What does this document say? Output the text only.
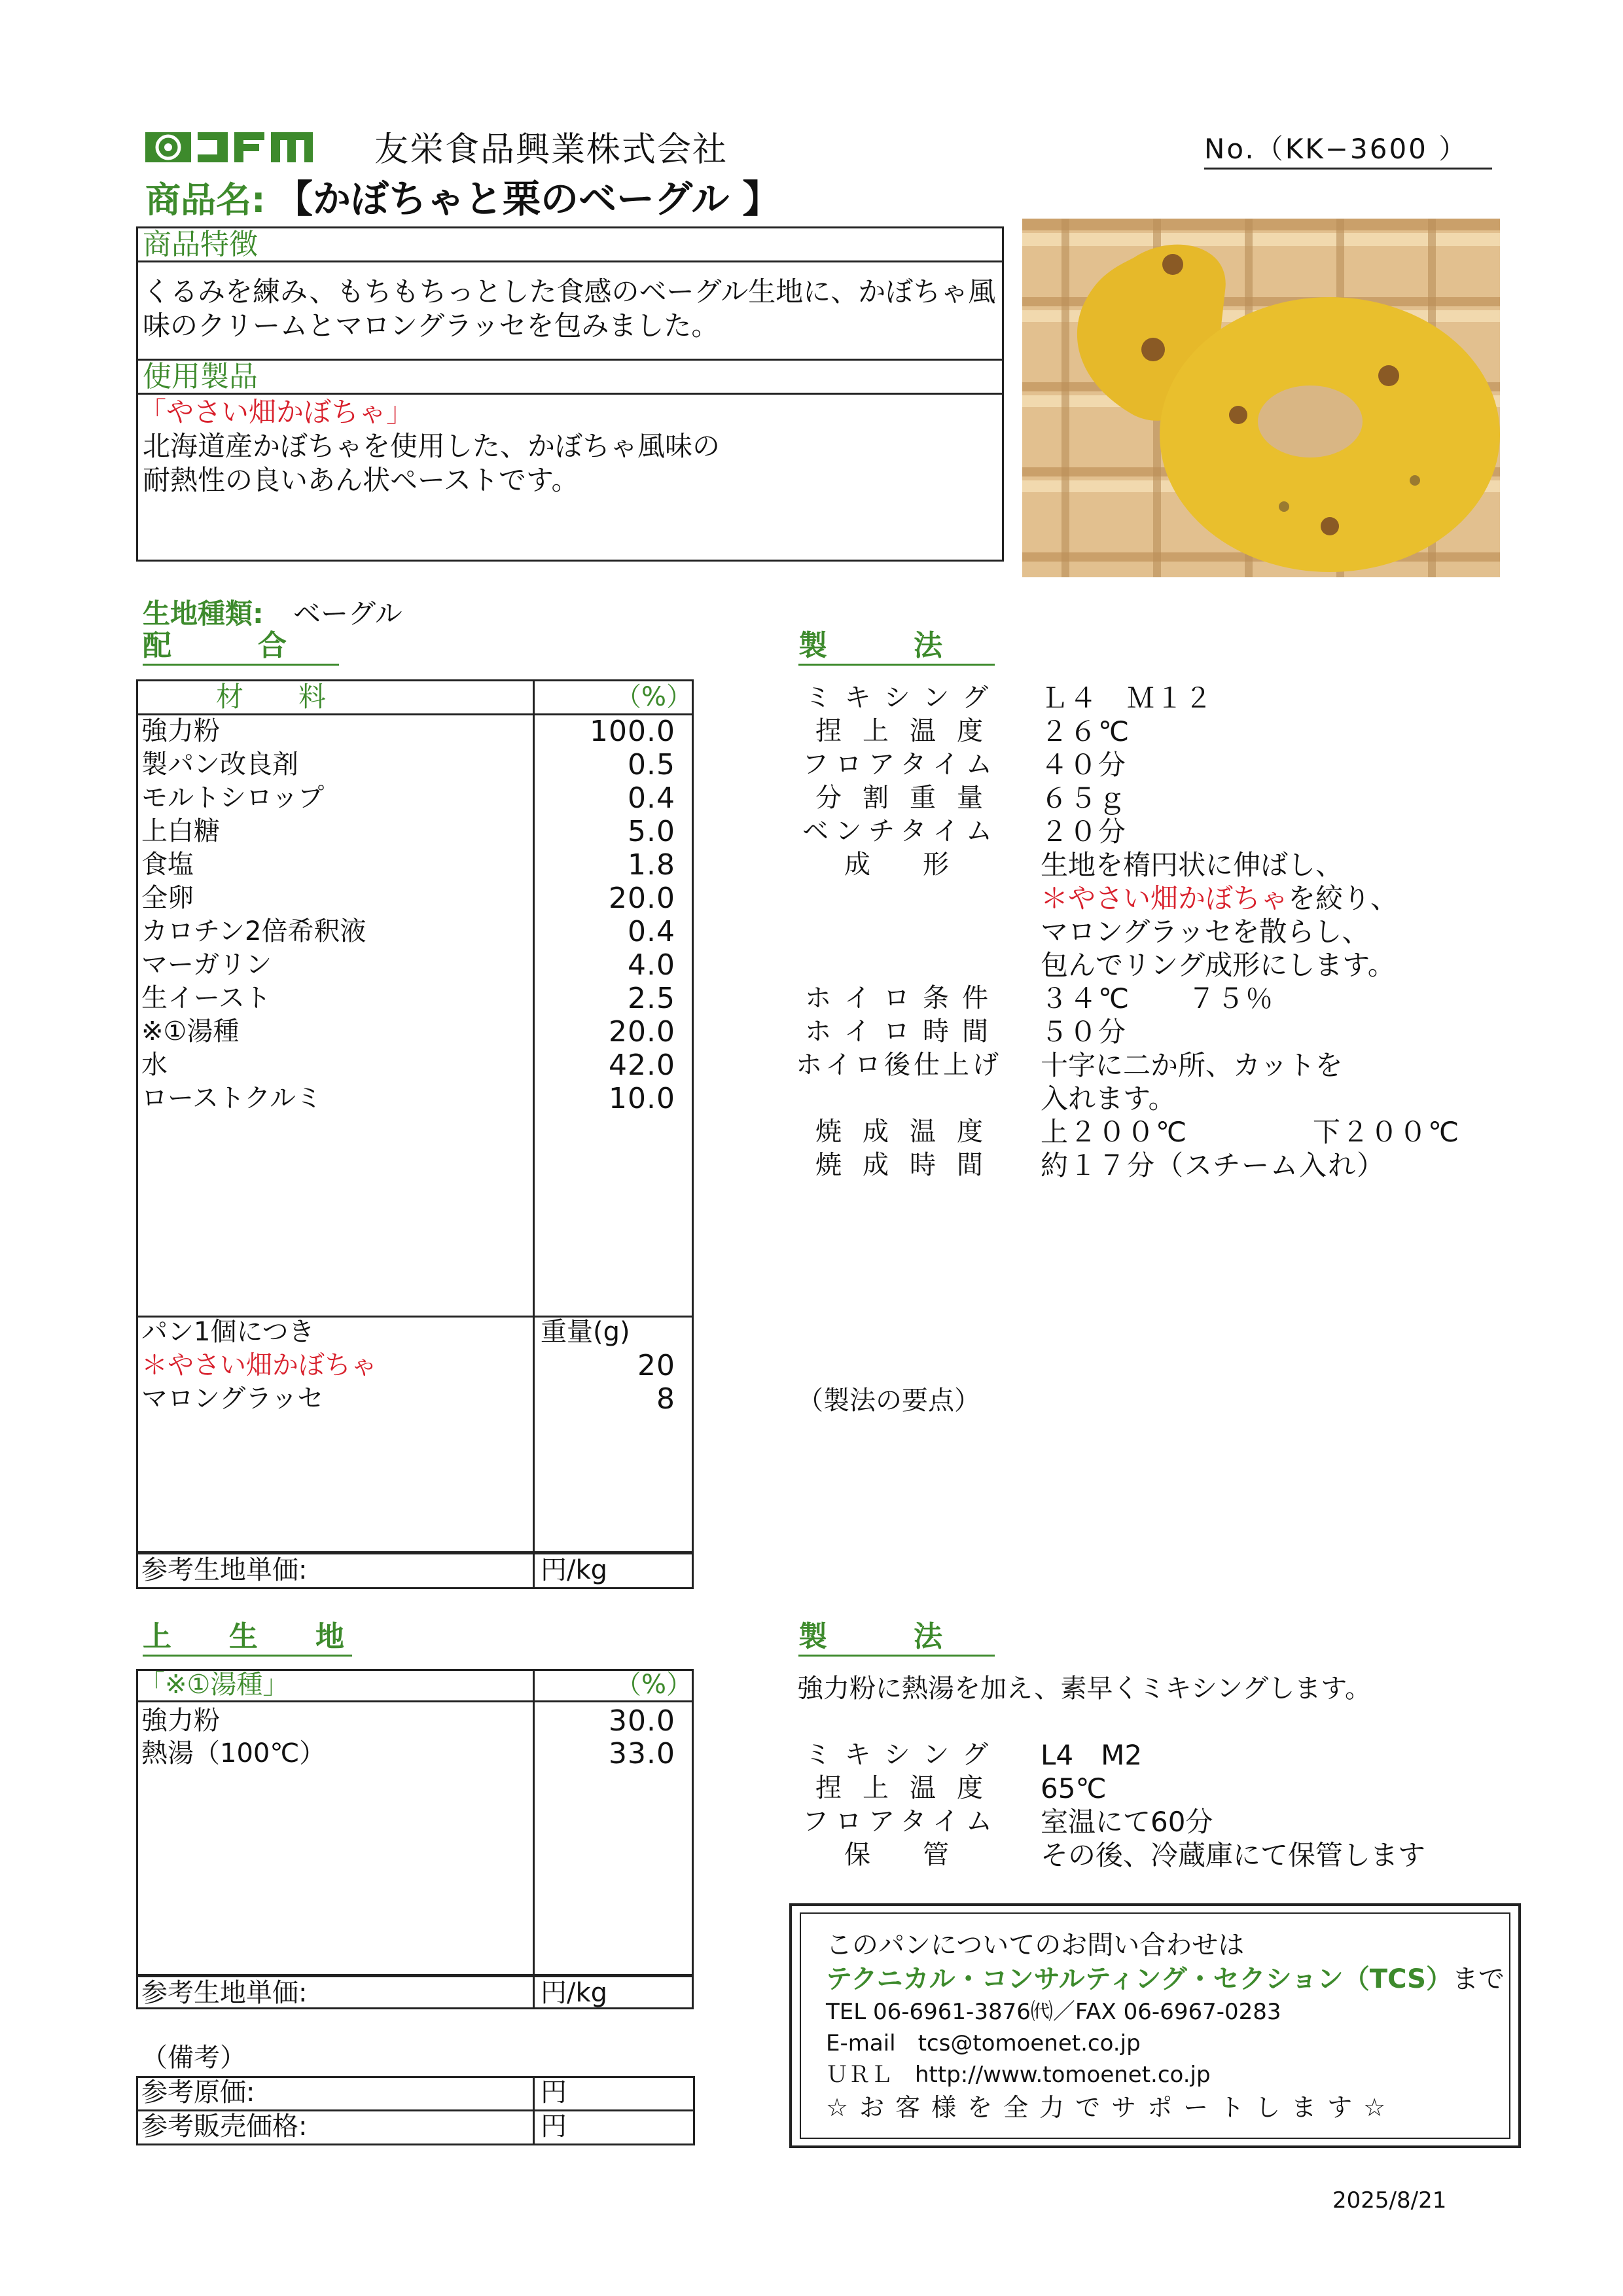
友栄食品興業株式会社	No.（KK−3600 ）
商品名: 【かぼちゃと栗のベーグル 】
商品特徴
くるみを練み、もちもちっとした食感のベーグル生地に、かぼちゃ風
味のクリームとマロングラッセを包みました。
使用製品
「やさい畑かぼちゃ」
北海道産かぼちゃを使用した、かぼちゃ風味の
耐熱性の良いあん状ペーストです。
生地種類: ベーグル
配　　　合
材　　料	（%）
強力粉	100.0
製パン改良剤	0.5
モルトシロップ	0.4
上白糖	5.0
食塩	1.8
全卵	20.0
カロチン2倍希釈液	0.4
マーガリン	4.0
生イースト	2.5
※①湯種	20.0
水	42.0
ローストクルミ	10.0
パン1個につき	重量(g)
＊やさい畑かぼちゃ	20
マロングラッセ	8
参考生地単価:	円/kg
製　　　法
ミキシング Ｌ４　Ｍ１２
捏上温度 ２６℃
フロアタイム ４０分
分割重量 ６５ｇ
ベンチタイム ２０分
成形	生地を楕円状に伸ばし、
＊やさい畑かぼちゃを絞り、
マロングラッセを散らし、
包んでリング成形にします。
ホイロ条件 ３４℃　　７５％
ホイロ時間 ５０分
ホイロ後仕上げ 十字に二か所、カットを
入れます。
焼成温度 上２００℃	下２００℃
焼成時間 約１７分（スチーム入れ）
（製法の要点）
上　　生　　地
「※①湯種」	（%）
強力粉	30.0
熱湯（100℃）	33.0
参考生地単価:	円/kg
製　　　法
強力粉に熱湯を加え、素早くミキシングします。
ミキシング L4　M2
捏上温度 65℃
フロアタイム 室温にて60分
保管	その後、冷蔵庫にて保管します
（備考）
参考原価:	円
参考販売価格:	円
このパンについてのお問い合わせは
テクニカル・コンサルティング・セクション（TCS）まで
TEL 06-6961-3876㈹／FAX 06-6967-0283
E-mail　tcs@tomoenet.co.jp
ＵＲＬ　http://www.tomoenet.co.jp
☆お客様を全力でサポートします☆
2025/8/21
